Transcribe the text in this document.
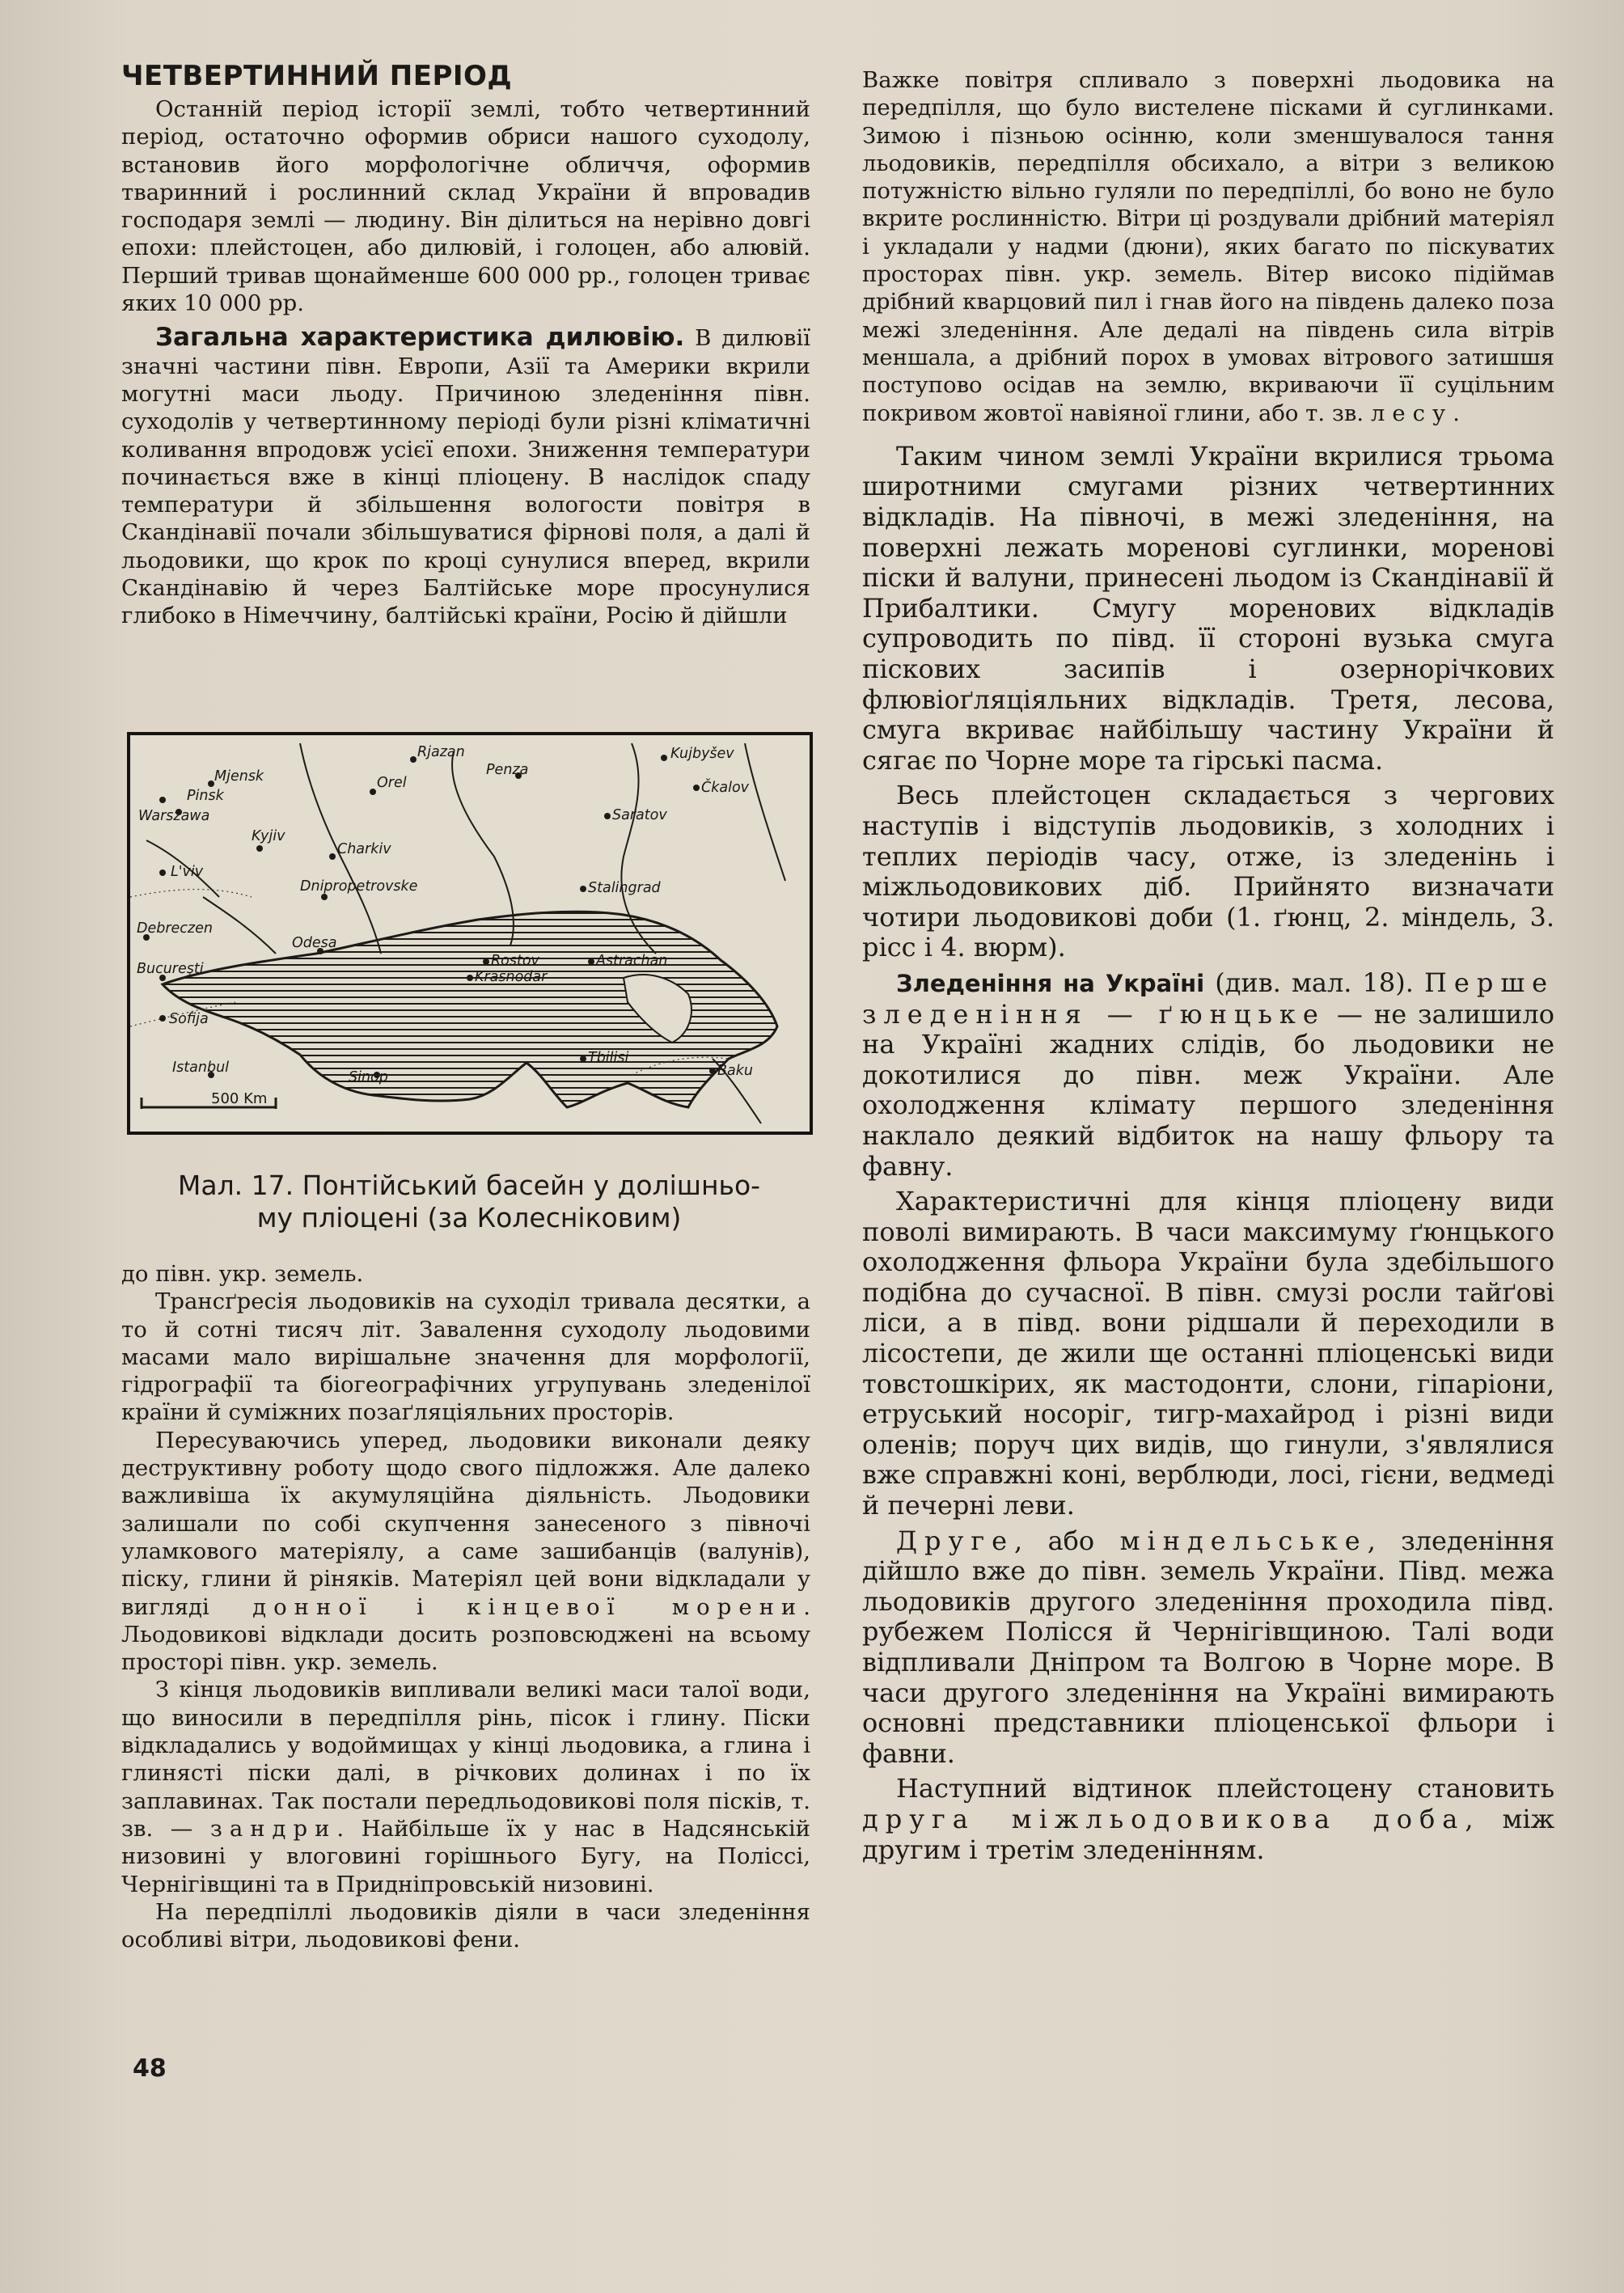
ЧЕТВЕРТИННИЙ ПЕРІОД

Останній період історії землі, тобто четвертинний період, остаточно оформив обриси нашого суходолу, встановив його морфологічне обличчя, оформив тваринний і рослинний склад України й впровадив господаря землі — людину. Він ділиться на нерівно довгі епохи: плейстоцен, або дилювій, і голоцен, або алювій. Перший тривав щонайменше 600 000 рр., голоцен триває яких 10 000 рр.

Загальна характеристика дилювію. В дилювії значні частини півн. Европи, Азії та Америки вкрили могутні маси льоду. Причиною зледеніння півн. суходолів у четвертинному періоді були різні кліматичні коливання впродовж усієї епохи. Зниження температури починається вже в кінці пліоцену. В наслідок спаду температури й збільшення вологости повітря в Скандінавії почали збільшуватися фірнові поля, а далі й льодовики, що крок по кроці сунулися вперед, вкрили Скандінавію й через Балтійське море просунулися глибоко в Німеччину, балтійські країни, Росію й дійшли

500 Km
Mjensk
Pinsk
Warszawa
Rjazan
Orel
Penza
Kujbyšev
Čkalov
Saratov
Kyjiv
Charkiv
L'viv
Dnipropetrovske	Stalingrad
Debreczen
Odesa
Rostov	Astrachan
Krasnodar
Bucureşti
Sofija
Istanbul
Sinop
Tbilisi
Baku
Мал. 17. Понтійський басейн у долішньо-
му пліоцені (за Колесніковим)

до півн. укр. земель.

Трансґресія льодовиків на суходіл тривала десятки, а то й сотні тисяч літ. Завалення суходолу льодовими масами мало вирішальне значення для морфології, гідрографії та біогеографічних угрупувань зледенілої країни й суміжних позаґляціяльних просторів.

Пересуваючись уперед, льодовики виконали деяку деструктивну роботу щодо свого підложжя. Але далеко важливіша їх акумуляційна діяльність. Льодовики залишали по собі скупчення занесеного з півночі уламкового матеріялу, а саме зашибанців (валунів), піску, глини й ріняків. Матеріял цей вони відкладали у вигляді донної і кінцевої морени. Льодовикові відклади досить розповсюджені на всьому просторі півн. укр. земель.

З кінця льодовиків випливали великі маси талої води, що виносили в передпілля рінь, пісок і глину. Піски відкладались у водоймищах у кінці льодовика, а глина і глинясті піски далі, в річкових долинах і по їх заплавинах. Так постали передльодовикові поля пісків, т. зв. — зандри. Найбільше їх у нас в Надсянській низовині у влоговині горішнього Бугу, на Поліссі, Чернігівщині та в Придніпровській низовині.

На передпіллі льодовиків діяли в часи зледеніння особливі вітри, льодовикові фени.

Важке повітря спливало з поверхні льодовика на передпілля, що було вистелене пісками й суглинками. Зимою і пізньою осінню, коли зменшувалося тання льодовиків, передпілля обсихало, а вітри з великою потужністю вільно гуляли по передпіллі, бо воно не було вкрите рослинністю. Вітри ці роздували дрібний матеріял і укладали у надми (дюни), яких багато по піскуватих просторах півн. укр. земель. Вітер високо підіймав дрібний кварцовий пил і гнав його на південь далеко поза межі зледеніння. Але дедалі на південь сила вітрів меншала, а дрібний порох в умовах вітрового затишшя поступово осідав на землю, вкриваючи її суцільним покривом жовтої навіяної глини, або т. зв. лесу.

Таким чином землі України вкрилися трьома широтними смугами різних четвертинних відкладів. На півночі, в межі зледеніння, на поверхні лежать моренові суглинки, моренові піски й валуни, принесені льодом із Скандінавії й Прибалтики. Смугу моренових відкладів супроводить по півд. її стороні вузька смуга піскових засипів і озернорічкових флювіоґляціяльних відкладів. Третя, лесова, смуга вкриває найбільшу частину України й сягає по Чорне море та гірські пасма.

Весь плейстоцен складається з чергових наступів і відступів льодовиків, з холодних і теплих періодів часу, отже, із зледенінь і міжльодовикових діб. Прийнято визначати чотири льодовикові доби (1. ґюнц, 2. міндель, 3. рісс і 4. вюрм).

Зледеніння на Україні (див. мал. 18). Перше зледеніння — ґюнцьке — не залишило на Україні жадних слідів, бо льодовики не докотилися до півн. меж України. Але охолодження клімату першого зледеніння наклало деякий відбиток на нашу фльору та фавну.

Характеристичні для кінця пліоцену види поволі вимирають. В часи максимуму ґюнцького охолодження фльора України була здебільшого подібна до сучасної. В півн. смузі росли тайґові ліси, а в півд. вони рідшали й переходили в лісостепи, де жили ще останні пліоценські види товстошкірих, як мастодонти, слони, гіпаріони, етруський носоріг, тигр-махайрод і різні види оленів; поруч цих видів, що гинули, з'являлися вже справжні коні, верблюди, лосі, гієни, ведмеді й печерні леви.

Друге, або міндельське, зледеніння дійшло вже до півн. земель України. Півд. межа льодовиків другого зледеніння проходила півд. рубежем Полісся й Чернігівщиною. Талі води відпливали Дніпром та Волгою в Чорне море. В часи другого зледеніння на Україні вимирають основні представники пліоценської фльори і фавни.

Наступний відтинок плейстоцену становить друга міжльодовикова доба, між другим і третім зледенінням.

48
